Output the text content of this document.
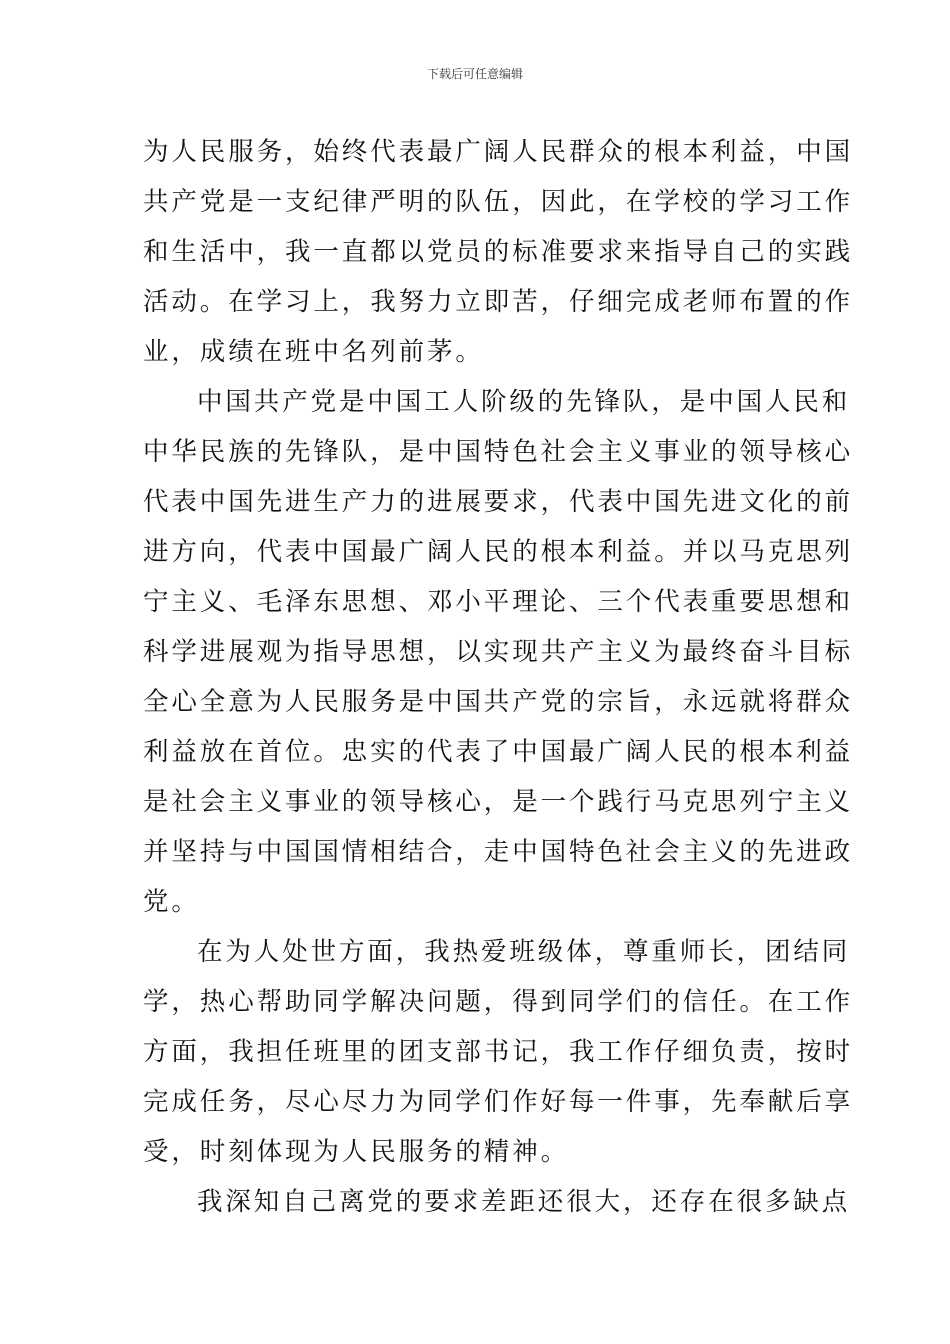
下载后可任意编辑
为人民服务，始终代表最广阔人民群众的根本利益，中国
共产党是一支纪律严明的队伍，因此，在学校的学习工作
和生活中，我一直都以党员的标准要求来指导自己的实践
活动。在学习上，我努力立即苦，仔细完成老师布置的作
业，成绩在班中名列前茅。
中国共产党是中国工人阶级的先锋队，是中国人民和
中华民族的先锋队，是中国特色社会主义事业的领导核心
代表中国先进生产力的进展要求，代表中国先进文化的前
进方向，代表中国最广阔人民的根本利益。并以马克思列
宁主义、毛泽东思想、邓小平理论、三个代表重要思想和
科学进展观为指导思想，以实现共产主义为最终奋斗目标
全心全意为人民服务是中国共产党的宗旨，永远就将群众
利益放在首位。忠实的代表了中国最广阔人民的根本利益
是社会主义事业的领导核心，是一个践行马克思列宁主义
并坚持与中国国情相结合，走中国特色社会主义的先进政
党。
在为人处世方面，我热爱班级体，尊重师长，团结同
学，热心帮助同学解决问题，得到同学们的信任。在工作
方面，我担任班里的团支部书记，我工作仔细负责，按时
完成任务，尽心尽力为同学们作好每一件事，先奉献后享
受，时刻体现为人民服务的精神。
我深知自己离党的要求差距还很大，还存在很多缺点
